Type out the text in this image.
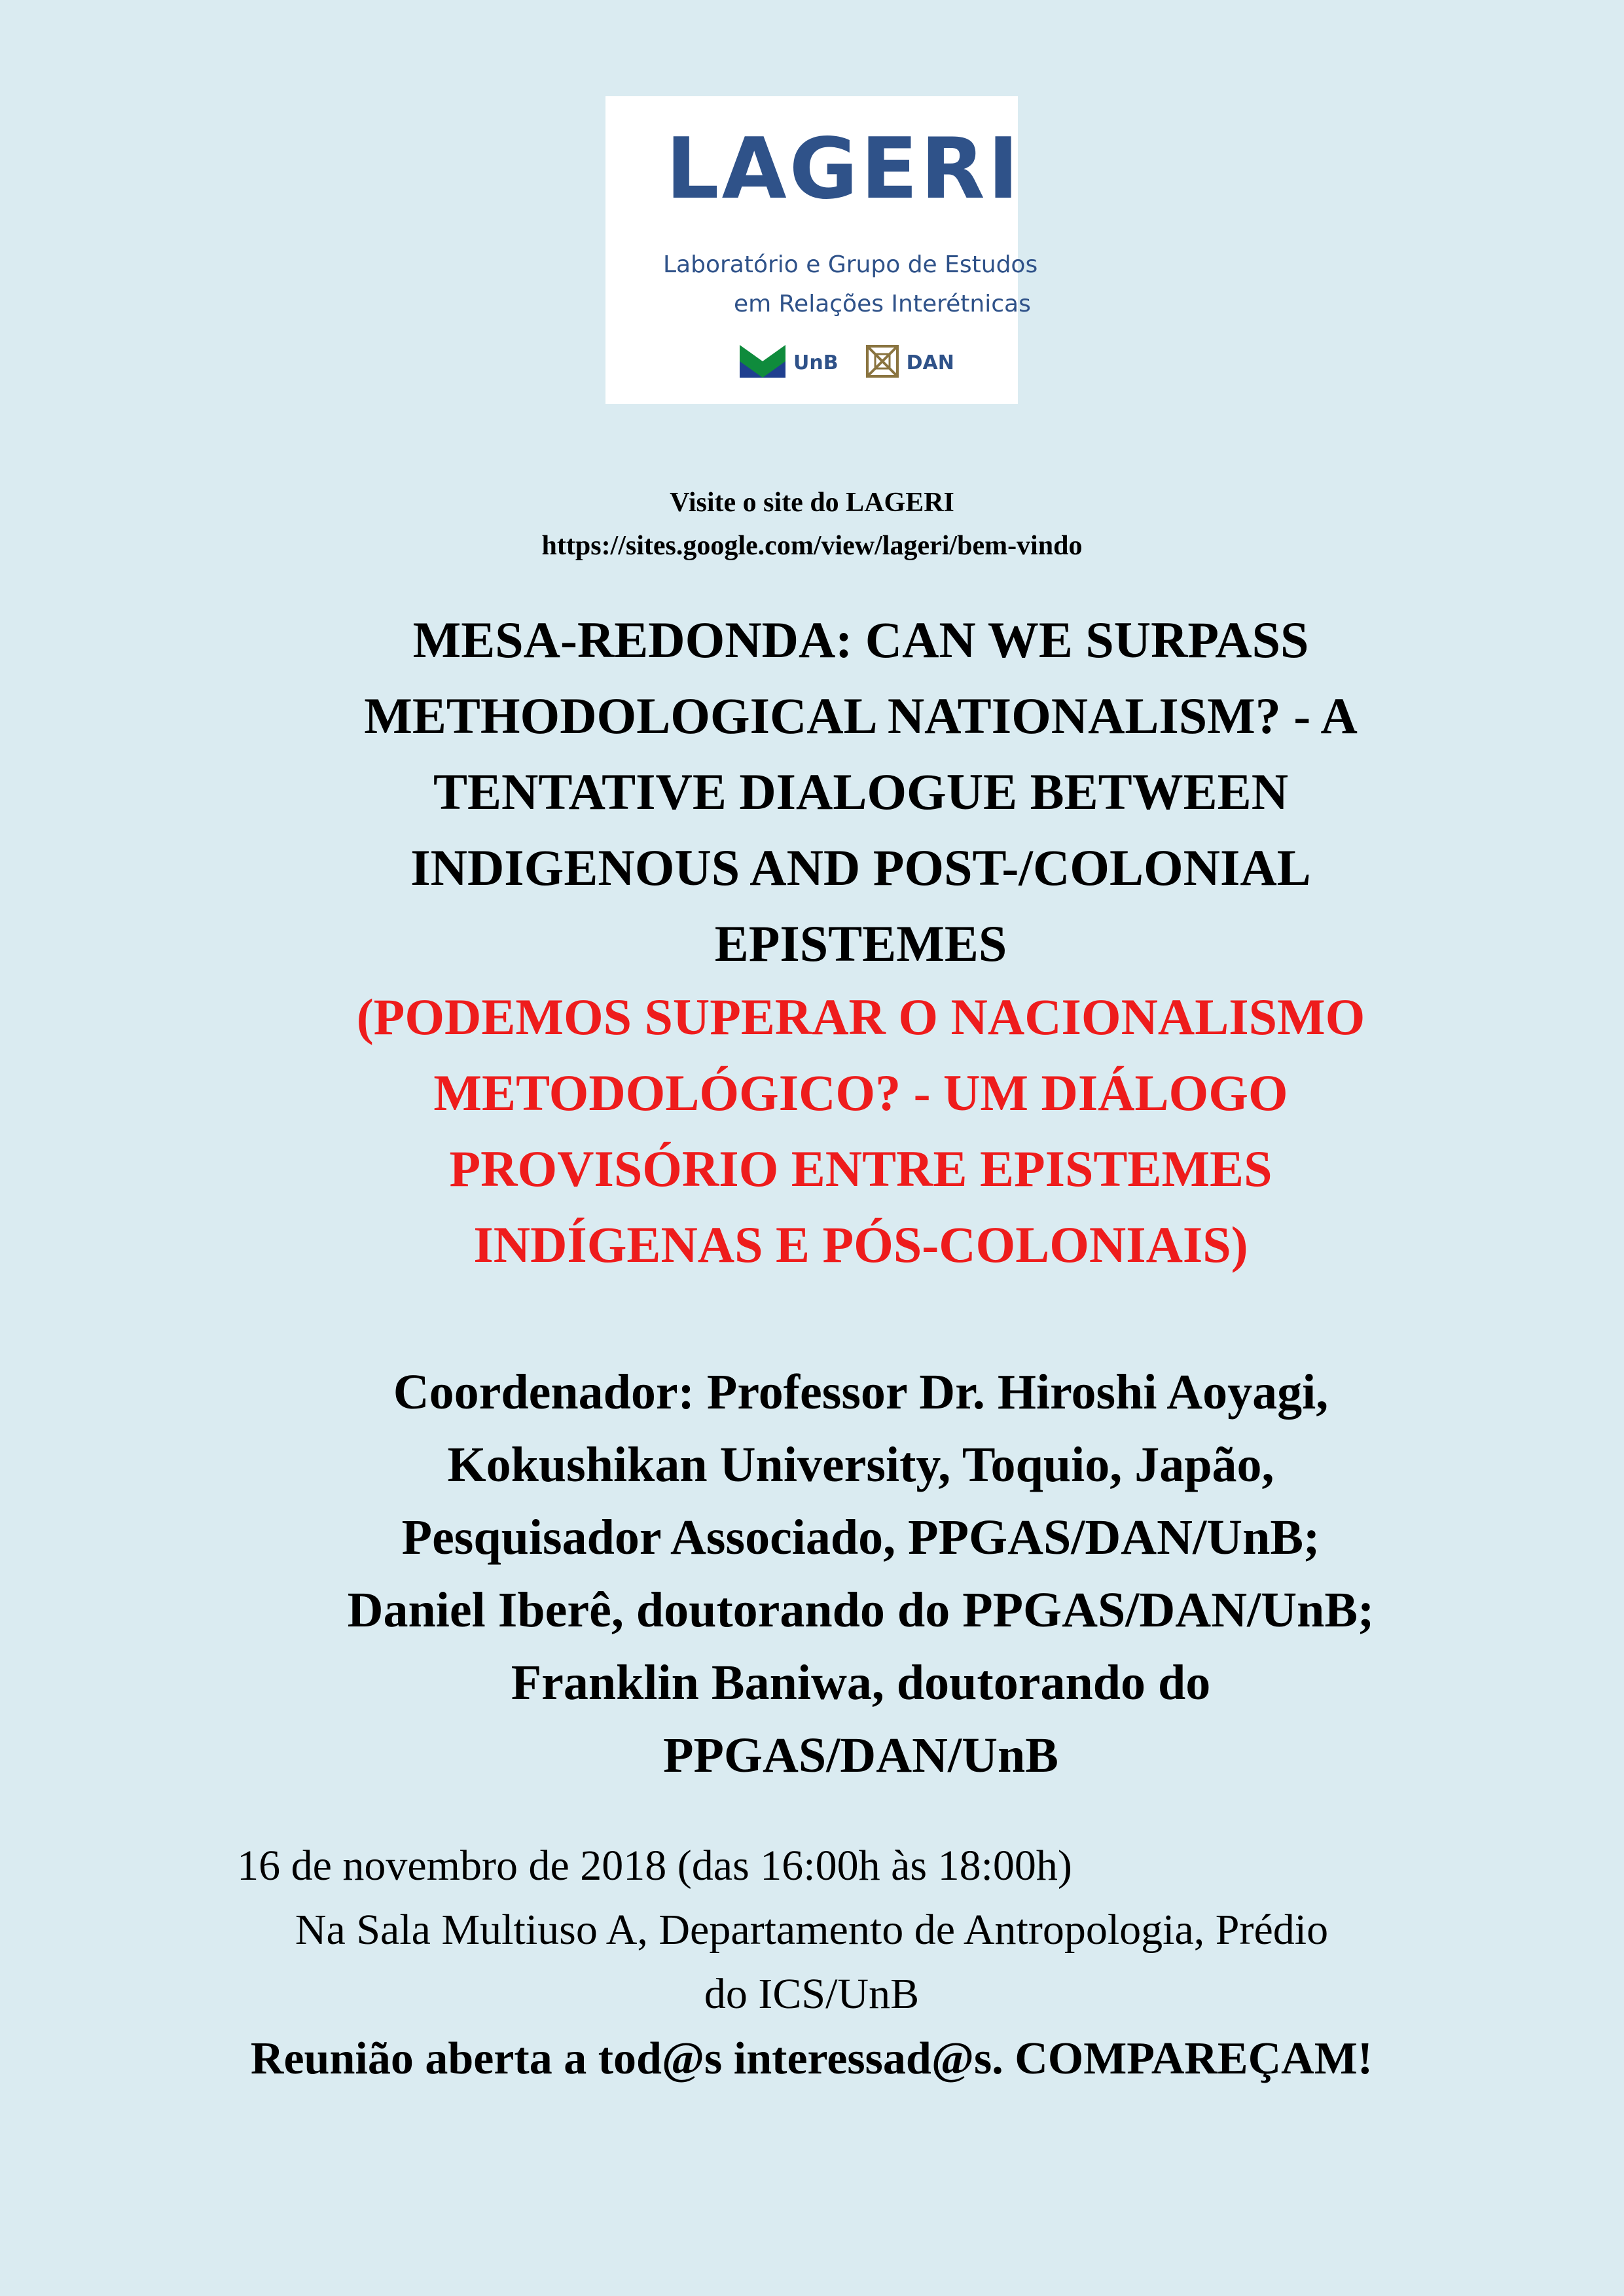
LAGERI
Laboratório e Grupo de Estudos
em Relações Interétnicas
UnB	DAN
Visite o site do LAGERI
https://sites.google.com/view/lageri/bem-vindo
MESA-REDONDA: CAN WE SURPASS
METHODOLOGICAL NATIONALISM? - A
TENTATIVE DIALOGUE BETWEEN
INDIGENOUS AND POST-/COLONIAL
EPISTEMES
(PODEMOS SUPERAR O NACIONALISMO
METODOLÓGICO? - UM DIÁLOGO
PROVISÓRIO ENTRE EPISTEMES
INDÍGENAS E PÓS-COLONIAIS)
Coordenador: Professor Dr. Hiroshi Aoyagi,
Kokushikan University, Toquio, Japão,
Pesquisador Associado, PPGAS/DAN/UnB;
Daniel Iberê, doutorando do PPGAS/DAN/UnB;
Franklin Baniwa, doutorando do
PPGAS/DAN/UnB
16 de novembro de 2018 (das 16:00h às 18:00h)
Na Sala Multiuso A, Departamento de Antropologia, Prédio
do ICS/UnB
Reunião aberta a tod@s interessad@s. COMPAREÇAM!
